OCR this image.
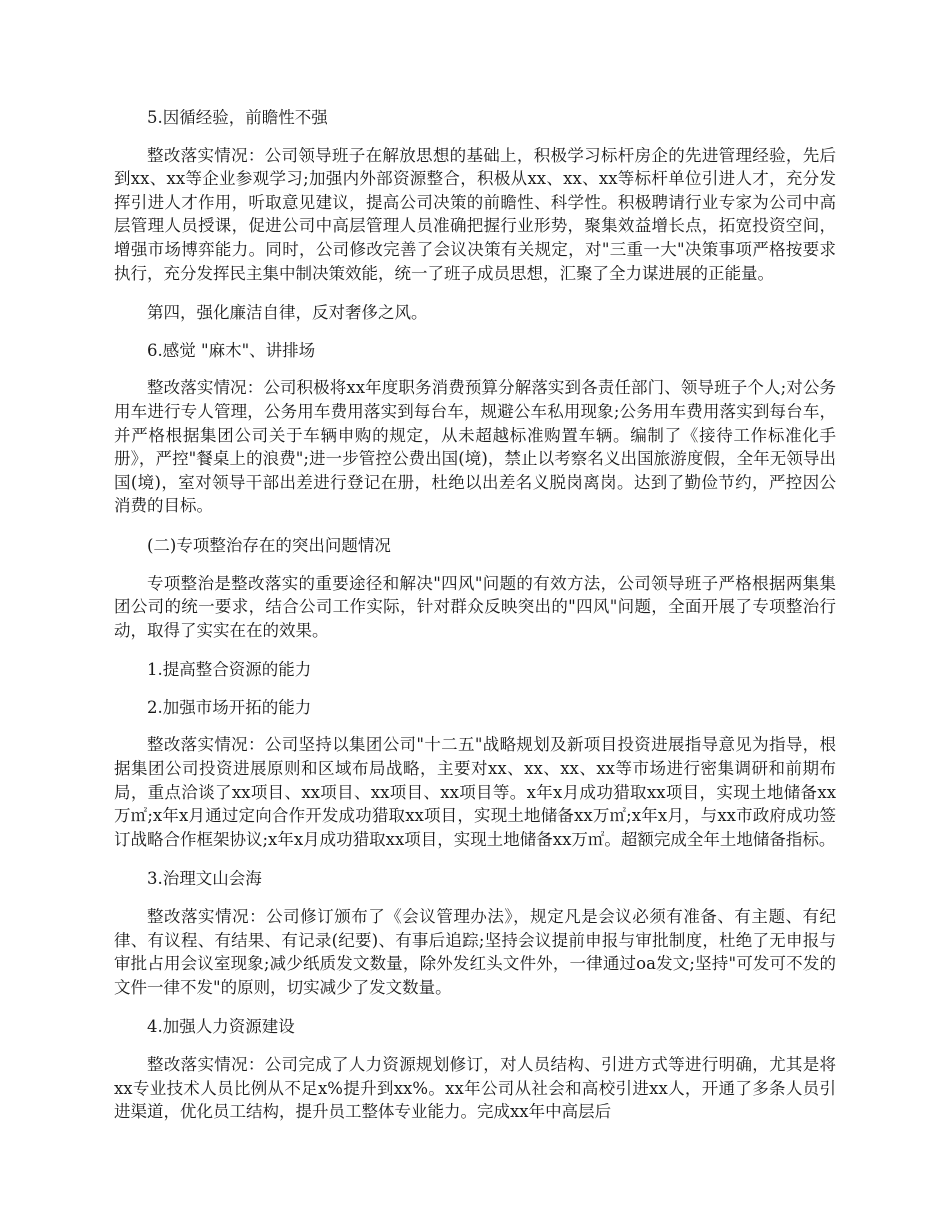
5.因循经验，前瞻性不强

整改落实情况：公司领导班子在解放思想的基础上，积极学习标杆房企的先进管理经验，先后到xx、xx等企业参观学习;加强内外部资源整合，积极从xx、xx、xx等标杆单位引进人才，充分发挥引进人才作用，听取意见建议，提高公司决策的前瞻性、科学性。积极聘请行业专家为公司中高层管理人员授课，促进公司中高层管理人员准确把握行业形势，聚集效益增长点，拓宽投资空间，增强市场博弈能力。同时，公司修改完善了会议决策有关规定，对"三重一大"决策事项严格按要求执行，充分发挥民主集中制决策效能，统一了班子成员思想，汇聚了全力谋进展的正能量。

第四，强化廉洁自律，反对奢侈之风。

6.感觉 "麻木"、讲排场

整改落实情况：公司积极将xx年度职务消费预算分解落实到各责任部门、领导班子个人;对公务用车进行专人管理，公务用车费用落实到每台车，规避公车私用现象;公务用车费用落实到每台车，并严格根据集团公司关于车辆申购的规定，从未超越标准购置车辆。编制了《接待工作标准化手册》，严控"餐桌上的浪费";进一步管控公费出国(境)，禁止以考察名义出国旅游度假，全年无领导出国(境)，室对领导干部出差进行登记在册，杜绝以出差名义脱岗离岗。达到了勤俭节约，严控因公消费的目标。

(二)专项整治存在的突出问题情况

专项整治是整改落实的重要途径和解决"四风"问题的有效方法，公司领导班子严格根据两集集团公司的统一要求，结合公司工作实际，针对群众反映突出的"四风"问题，全面开展了专项整治行动，取得了实实在在的效果。

1.提高整合资源的能力

2.加强市场开拓的能力

整改落实情况：公司坚持以集团公司"十二五"战略规划及新项目投资进展指导意见为指导，根据集团公司投资进展原则和区域布局战略，主要对xx、xx、xx、xx等市场进行密集调研和前期布局，重点洽谈了xx项目、xx项目、xx项目、xx项目等。x年x月成功猎取xx项目，实现土地储备xx万㎡;x年x月通过定向合作开发成功猎取xx项目，实现土地储备xx万㎡;x年x月，与xx市政府成功签订战略合作框架协议;x年x月成功猎取xx项目，实现土地储备xx万㎡。超额完成全年土地储备指标。

3.治理文山会海

整改落实情况：公司修订颁布了《会议管理办法》，规定凡是会议必须有准备、有主题、有纪律、有议程、有结果、有记录(纪要)、有事后追踪;坚持会议提前申报与审批制度，杜绝了无申报与审批占用会议室现象;减少纸质发文数量，除外发红头文件外，一律通过oa发文;坚持"可发可不发的文件一律不发"的原则，切实减少了发文数量。

4.加强人力资源建设

整改落实情况：公司完成了人力资源规划修订，对人员结构、引进方式等进行明确，尤其是将xx专业技术人员比例从不足x%提升到xx%。xx年公司从社会和高校引进xx人，开通了多条人员引进渠道，优化员工结构，提升员工整体专业能力。完成xx年中高层后
